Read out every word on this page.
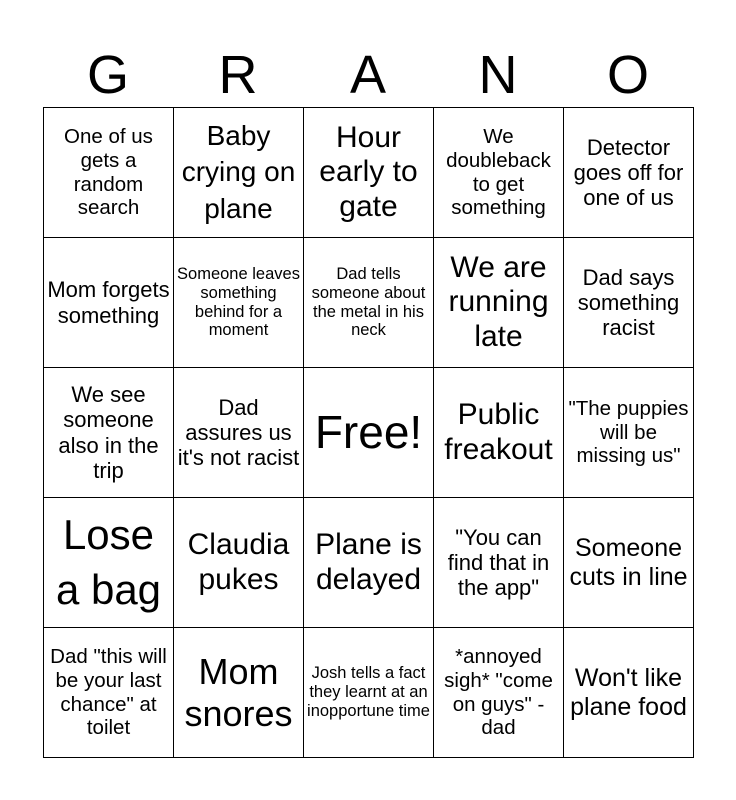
G	R	A	N	O
One of us gets a random search	Baby crying on plane	Hour early to gate	We doubleback to get something	Detector goes off for one of us
Mom forgets something	Someone leaves something behind for a moment	Dad tells someone about the metal in his neck	We are running late	Dad says something racist
We see someone also in the trip	Dad assures us it's not racist	Free!	Public freakout	"The puppies will be missing us"
Lose a bag	Claudia pukes	Plane is delayed	"You can find that in the app"	Someone cuts in line
Dad "this will be your last chance" at toilet	Mom snores	Josh tells a fact they learnt at an inopportune time	*annoyed sigh* "come on guys" - dad	Won't like plane food
